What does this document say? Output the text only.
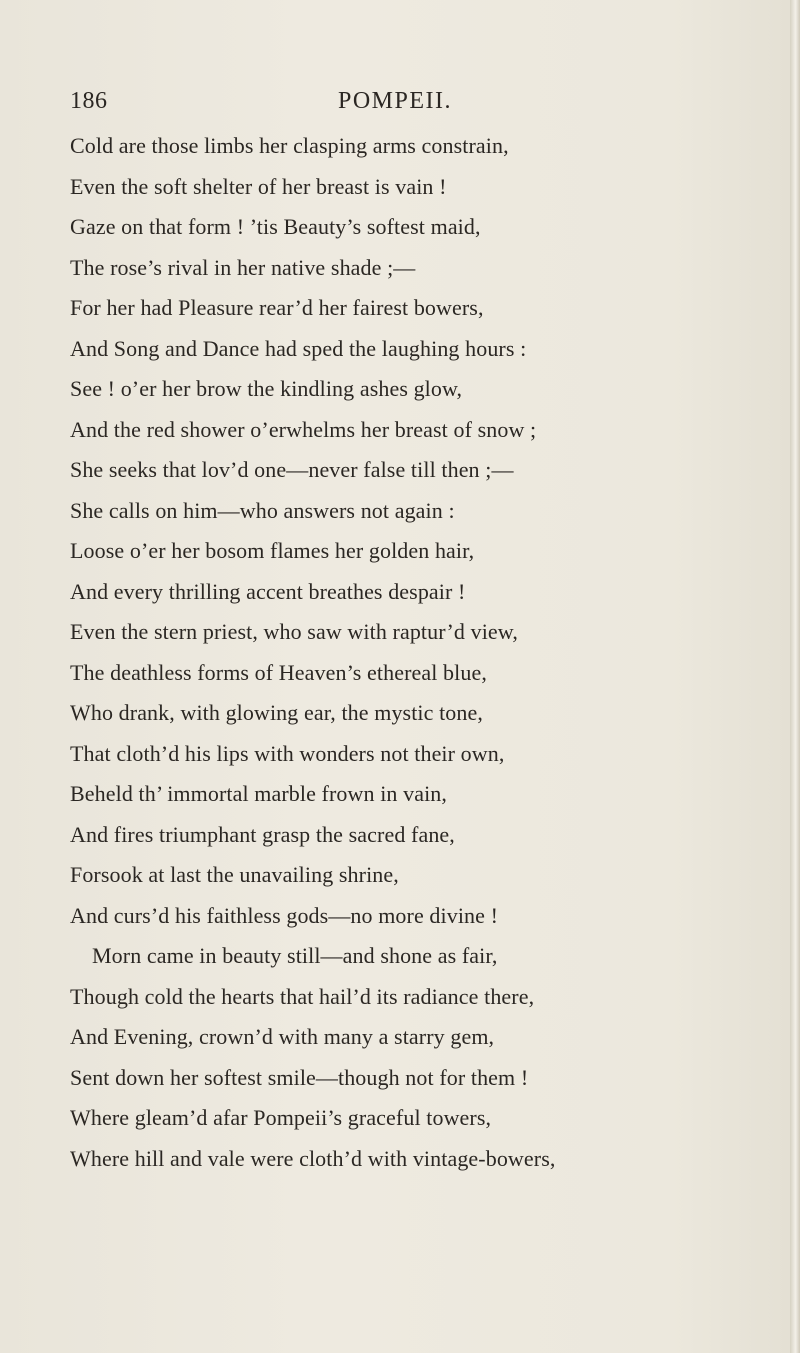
186	POMPEII.
Cold are those limbs her clasping arms constrain,
Even the soft shelter of her breast is vain !
Gaze on that form ! ’tis Beauty’s softest maid,
The rose’s rival in her native shade ;—
For her had Pleasure rear’d her fairest bowers,
And Song and Dance had sped the laughing hours :
See ! o’er her brow the kindling ashes glow,
And the red shower o’erwhelms her breast of snow ;
She seeks that lov’d one—never false till then ;—
She calls on him—who answers not again :
Loose o’er her bosom flames her golden hair,
And every thrilling accent breathes despair !
Even the stern priest, who saw with raptur’d view,
The deathless forms of Heaven’s ethereal blue,
Who drank, with glowing ear, the mystic tone,
That cloth’d his lips with wonders not their own,
Beheld th’ immortal marble frown in vain,
And fires triumphant grasp the sacred fane,
Forsook at last the unavailing shrine,
And curs’d his faithless gods—no more divine !
Morn came in beauty still—and shone as fair,
Though cold the hearts that hail’d its radiance there,
And Evening, crown’d with many a starry gem,
Sent down her softest smile—though not for them !
Where gleam’d afar Pompeii’s graceful towers,
Where hill and vale were cloth’d with vintage-bowers,
